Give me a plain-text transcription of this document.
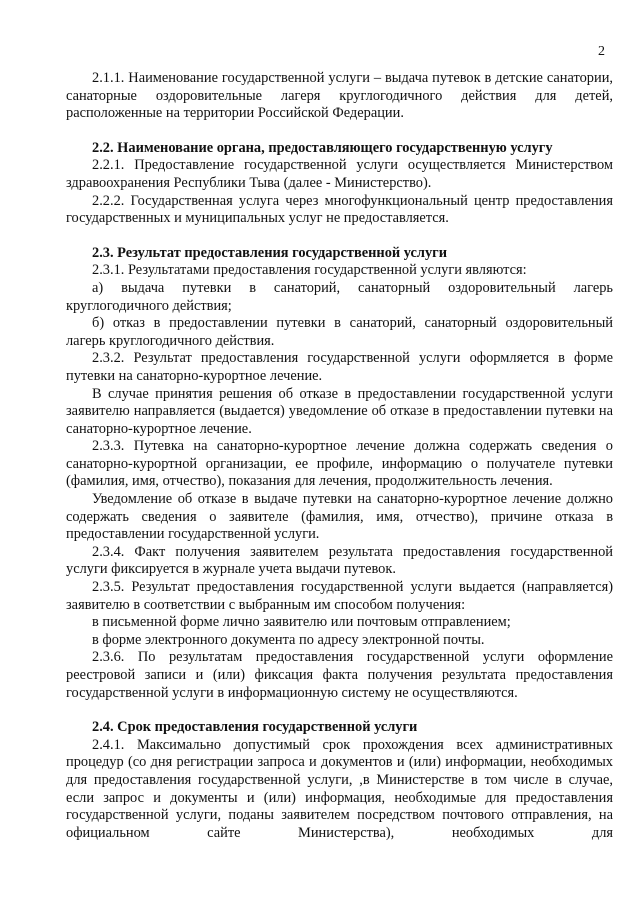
2

2.1.1. Наименование государственной услуги – выдача путевок в детские санатории, санаторные оздоровительные лагеря круглогодичного действия для детей, расположенные на территории Российской Федерации.

2.2. Наименование органа, предоставляющего государственную услугу

2.2.1. Предоставление государственной услуги осуществляется Министерством здравоохранения Республики Тыва (далее - Министерство).

2.2.2. Государственная услуга через многофункциональный центр предоставления государственных и муниципальных услуг не предоставляется.

2.3. Результат предоставления государственной услуги

2.3.1. Результатами предоставления государственной услуги являются:

а) выдача путевки в санаторий, санаторный оздоровительный лагерь круглогодичного действия;

б) отказ в предоставлении путевки в санаторий, санаторный оздоровительный лагерь круглогодичного действия.

2.3.2. Результат предоставления государственной услуги оформляется в форме путевки на санаторно-курортное лечение.

В случае принятия решения об отказе в предоставлении государственной услуги заявителю направляется (выдается) уведомление об отказе в предоставлении путевки на санаторно-курортное лечение.

2.3.3. Путевка на санаторно-курортное лечение должна содержать сведения о санаторно-курортной организации, ее профиле, информацию о получателе путевки (фамилия, имя, отчество), показания для лечения, продолжительность лечения.

Уведомление об отказе в выдаче путевки на санаторно-курортное лечение должно содержать сведения о заявителе (фамилия, имя, отчество), причине отказа в предоставлении государственной услуги.

2.3.4. Факт получения заявителем результата предоставления государственной услуги фиксируется в журнале учета выдачи путевок.

2.3.5. Результат предоставления государственной услуги выдается (направляется) заявителю в соответствии с выбранным им способом получения:

в письменной форме лично заявителю или почтовым отправлением;

в форме электронного документа по адресу электронной почты.

2.3.6. По результатам предоставления государственной услуги оформление реестровой записи и (или) фиксация факта получения результата предоставления государственной услуги в информационную систему не осуществляются.

2.4. Срок предоставления государственной услуги

2.4.1. Максимально допустимый срок прохождения всех административных процедур (со дня регистрации запроса и документов и (или) информации, необходимых для предоставления государственной услуги, ,в Министерстве в том числе в случае, если запрос и документы и (или) информация, необходимые для предоставления государственной услуги, поданы заявителем посредством почтового отправления, на официальном сайте Министерства), необходимых для
